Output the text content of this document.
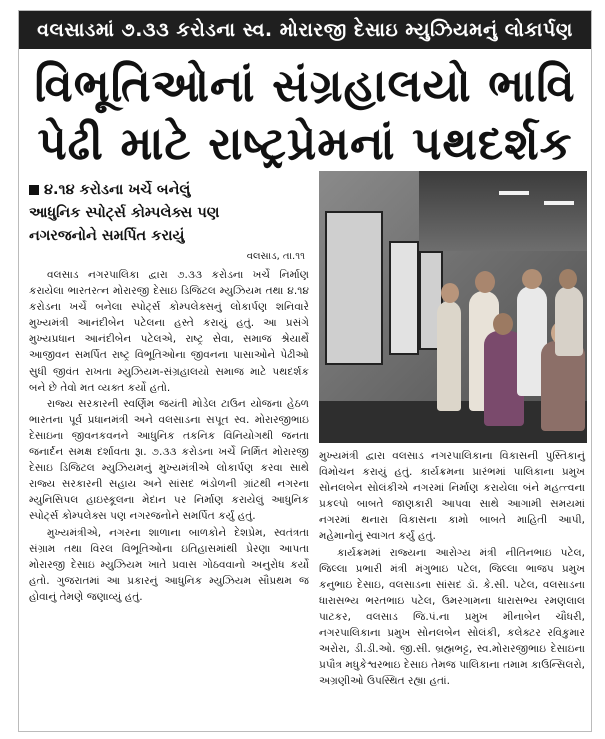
વલસાડમાં ૭.૩૩ કરોડના સ્વ. મોરારજી દેસાઇ મ્યુઝિયમનું લોકાર્પણ
વિભૂતિઓનાં સંગ્રહાલયો ભાવિ
પેઢી માટે રાષ્ટ્રપ્રેમનાં પથદર્શક
૪.૧૪ કરોડના ખર્ચે બનેલું
આધુનિક સ્પોર્ટ્સ કોમ્પલેક્સ પણ
નગરજનોને સમર્પિત કરાયું
વલસાડ, તા.૧૧

વલસાડ નગરપાલિકા દ્વારા ૭.૩૩ કરોડના ખર્ચે નિર્માણ કરાયેલા ભારતરત્ન મોરારજી દેસાઇ ડિજિટલ મ્યુઝિયમ તથા ૪.૧૪ કરોડના ખર્ચે બનેલા સ્પોર્ટ્સ કોમ્પલેક્સનું લોકાર્પણ શનિવારે મુખ્યમંત્રી આનંદીબેન પટેલના હસ્તે કરાયું હતું. આ પ્રસંગે મુખ્યપ્રધાન આનંદીબેન પટેલએ, રાષ્ટ્ર સેવા, સમાજ શ્રેયાર્થે આજીવન સમર્પિત રાષ્ટ્ર વિભૂતિઓના જીવનના પાસાઓને પેઢીઓ સુધી જીવંત રાખતા મ્યુઝિયમ-સંગ્રહાલયો સમાજ માટે પથદર્શક બને છે તેવો મત વ્યક્ત કર્યો હતો.

રાજ્ય સરકારની સ્વર્ણિમ જયંતી મોડેલ ટાઉન યોજના હેઠળ ભારતના પૂર્વ પ્રધાનમંત્રી અને વલસાડના સપૂત સ્વ. મોરારજીભાઇ દેસાઇના જીવનકવનને આધુનિક તકનિક વિનિયોગથી જનતા જનાર્દન સમક્ષ દર્શાવતા રૂા. ૭.૩૩ કરોડના ખર્ચે નિર્મિત મોરારજી દેસાઇ ડિજિટલ મ્યુઝિયમનું મુખ્યમંત્રીએ લોકાર્પણ કરવા સાથે રાજ્ય સરકારની સહાય અને સાંસદ ભંડોળની ગ્રાંટથી નગરના મ્યુનિસિપલ હાઇસ્કૂલના મેદાન પર નિર્માણ કરાયેલું આધુનિક સ્પોર્ટ્સ કોમ્પલેક્સ પણ નગરજનોને સમર્પિત કર્યું હતું.

મુખ્યમંત્રીએ, નગરના શાળાના બાળકોને દેશપ્રેમ, સ્વતંત્રતા સંગ્રામ તથા વિરલ વિભૂતિઓના ઇતિહાસમાંથી પ્રેરણા આપતા મોરારજી દેસાઇ મ્યુઝિયમ ખાતે પ્રવાસ ગોઠવવાનો અનુરોધ કર્યો હતો. ગુજરાતમાં આ પ્રકારનું આધુનિક મ્યુઝિયમ સૌપ્રથમ જ હોવાનું તેમણે જણાવ્યું હતું.

મુખ્યમંત્રી દ્વારા વલસાડ નગરપાલિકાના વિકાસની પુસ્તિકાનું વિમોચન કરાયું હતું. કાર્યક્રમના પ્રારંભમાં પાલિકાના પ્રમુખ સોનલબેન સોલંકીએ નગરમાં નિર્માણ કરાયેલા બંને મહત્ત્વના પ્રકલ્પો બાબતે જાણકારી આપવા સાથે આગામી સમયમાં નગરમાં થનારા વિકાસના કામો બાબતે માહિતી આપી, મહેમાનોનું સ્વાગત કર્યું હતું.

કાર્યક્રમમાં રાજ્યના આરોગ્ય મંત્રી નીતિનભાઇ પટેલ, જિલ્લા પ્રભારી મંત્રી મંગુભાઇ પટેલ, જિલ્લા ભાજપ પ્રમુખ કનુભાઇ દેસાઇ, વલસાડના સાંસદ ડૉ. કે.સી. પટેલ, વલસાડના ધારાસભ્ય ભરતભાઇ પટેલ, ઉમરગામના ધારાસભ્ય રમણલાલ પાટકર, વલસાડ જિ.પં.ના પ્રમુખ મીનાબેન ચૌધરી, નગરપાલિકાના પ્રમુખ સોનલબેન સોલંકી, કલેક્ટર રવિકુમાર અરોરા, ડી.ડી.ઓ. જી.સી. બ્રહ્મભટ્ટ, સ્વ.મોરારજીભાઇ દેસાઇના પ્રપૌત્ર મધુકેશ્વરભાઇ દેસાઇ તેમજ પાલિકાના તમામ કાઉન્સિલરો, અગ્રણીઓ ઉપસ્થિત રહ્યા હતાં.
